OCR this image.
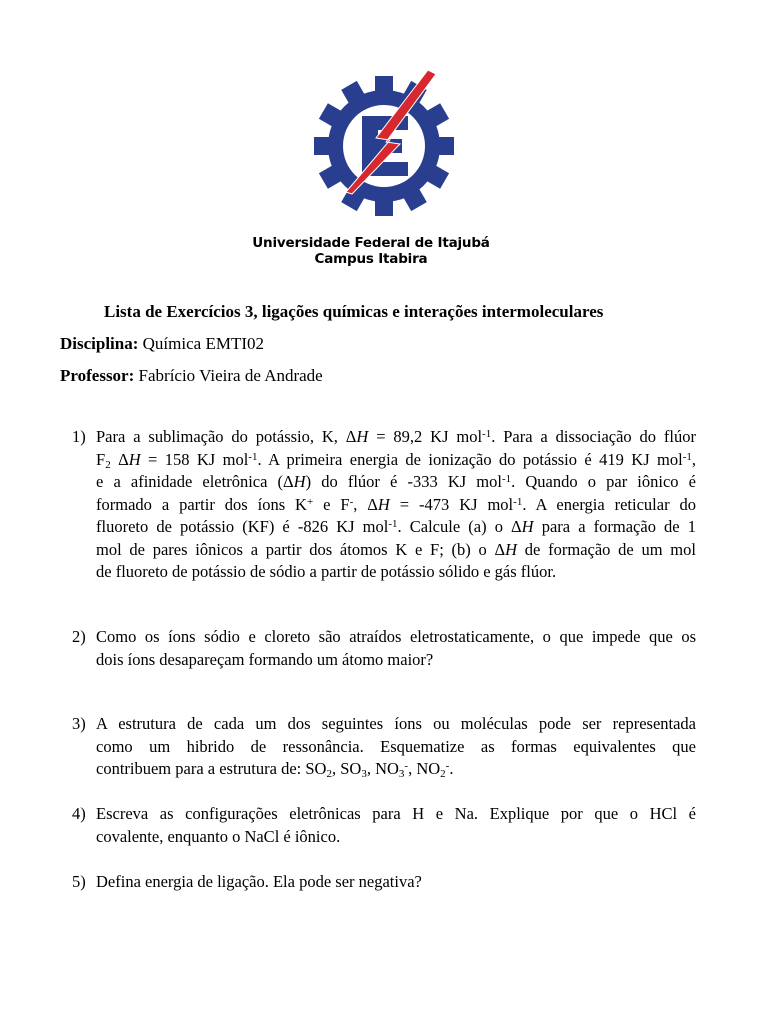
Universidade Federal de Itajubá
Campus Itabira
Lista de Exercícios 3, ligações químicas e interações intermoleculares
Disciplina: Química EMTI02
Professor: Fabrício Vieira de Andrade
1) Para a sublimação do potássio, K, ΔH = 89,2 KJ mol$^{-1}$. Para a dissociação do flúor
$F_2$ ΔH = 158 KJ mol$^{-1}$. A primeira energia de ionização do potássio é 419 KJ mol$^{-1}$,
e a afinidade eletrônica (ΔH) do flúor é -333 KJ mol$^{-1}$. Quando o par iônico é
formado a partir dos íons K+ e F-, ΔH = -473 KJ mol$^{-1}$. A energia reticular do
fluoreto de potássio (KF) é -826 KJ mol$^{-1}$. Calcule (a) o ΔH para a formação de 1
mol de pares iônicos a partir dos átomos K e F; (b) o ΔH de formação de um mol
de fluoreto de potássio de sódio a partir de potássio sólido e gás flúor.
2) Como os íons sódio e cloreto são atraídos eletrostaticamente, o que impede que os
dois íons desapareçam formando um átomo maior?
3) A estrutura de cada um dos seguintes íons ou moléculas pode ser representada
como um hibrido de ressonância. Esquematize as formas equivalentes que
contribuem para a estrutura de: $SO_2$, $SO_3$, $NO_3^-$, $NO_2^-$.
4) Escreva as configurações eletrônicas para H e Na. Explique por que o HCl é
covalente, enquanto o NaCl é iônico.
5) Defina energia de ligação. Ela pode ser negativa?
